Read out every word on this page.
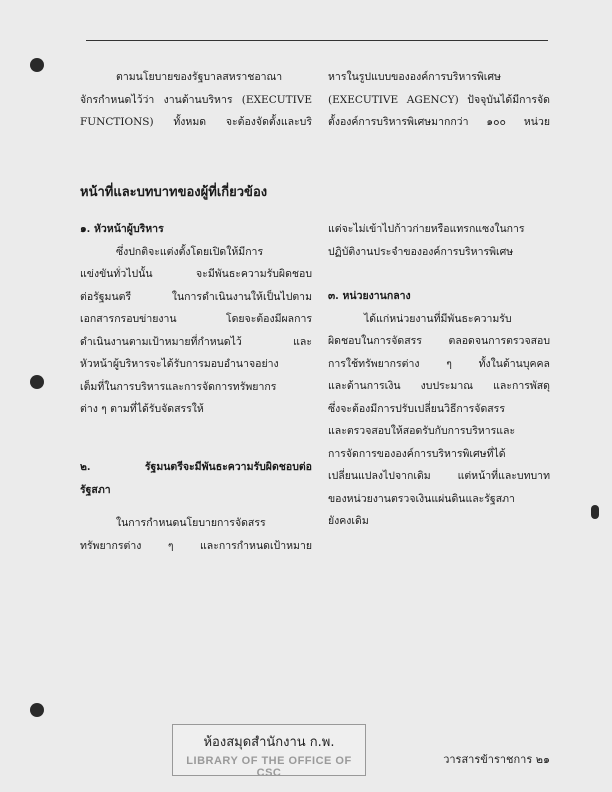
ตามนโยบายของรัฐบาลสหราชอาณา
จักรกำหนดไว้ว่า งานด้านบริหาร (EXECUTIVE
FUNCTIONS) ทั้งหมด จะต้องจัดตั้งและบริ
หารในรูปแบบขององค์การบริหารพิเศษ
(EXECUTIVE AGENCY) ปัจจุบันได้มีการจัด
ตั้งองค์การบริหารพิเศษมากกว่า ๑๐๐ หน่วย
หน้าที่และบทบาทของผู้ที่เกี่ยวข้อง
๑. หัวหน้าผู้บริหาร
ซึ่งปกติจะแต่งตั้งโดยเปิดให้มีการ
แข่งขันทั่วไปนั้น จะมีพันธะความรับผิดชอบ
ต่อรัฐมนตรี ในการดำเนินงานให้เป็นไปตาม
เอกสารกรอบข่ายงาน โดยจะต้องมีผลการ
ดำเนินงานตามเป้าหมายที่กำหนดไว้ และ
หัวหน้าผู้บริหารจะได้รับการมอบอำนาจอย่าง
เต็มที่ในการบริหารและการจัดการทรัพยากร
ต่าง ๆ ตามที่ได้รับจัดสรรให้
๒. รัฐมนตรีจะมีพันธะความรับผิดชอบต่อ
รัฐสภา
ในการกำหนดนโยบายการจัดสรร
ทรัพยากรต่าง ๆ และการกำหนดเป้าหมาย
แต่จะไม่เข้าไปก้าวก่ายหรือแทรกแซงในการ
ปฏิบัติงานประจำขององค์การบริหารพิเศษ
๓. หน่วยงานกลาง
ได้แก่หน่วยงานที่มีพันธะความรับ
ผิดชอบในการจัดสรร ตลอดจนการตรวจสอบ
การใช้ทรัพยากรต่าง ๆ ทั้งในด้านบุคคล
และด้านการเงิน งบประมาณ และการพัสดุ
ซึ่งจะต้องมีการปรับเปลี่ยนวิธีการจัดสรร
และตรวจสอบให้สอดรับกับการบริหารและ
การจัดการขององค์การบริหารพิเศษที่ได้
เปลี่ยนแปลงไปจากเดิม แต่หน้าที่และบทบาท
ของหน่วยงานตรวจเงินแผ่นดินและรัฐสภา
ยังคงเดิม
ห้องสมุดสำนักงาน ก.พ.
LIBRARY OF THE OFFICE OF CSC
วารสารข้าราชการ ๒๑
